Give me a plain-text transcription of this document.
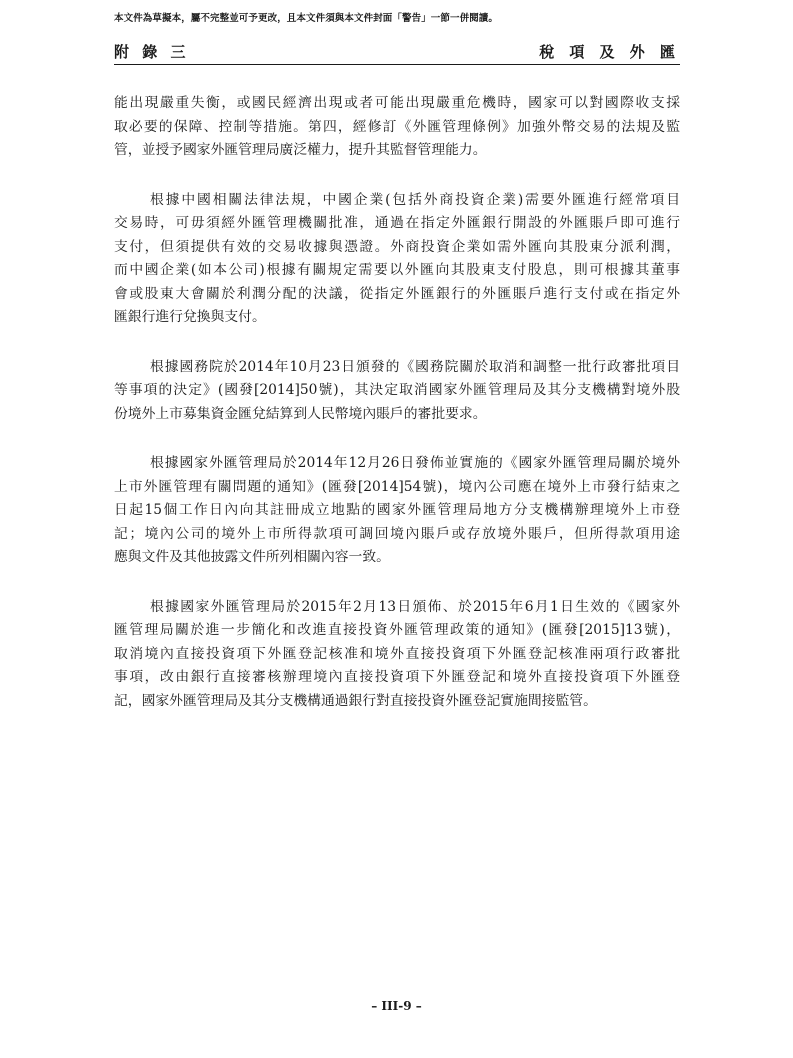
本文件為草擬本，屬不完整並可予更改，且本文件須與本文件封面「警告」一節一併閱讀。
附 錄 三	稅 項 及 外 匯
能出現嚴重失衡，或國民經濟出現或者可能出現嚴重危機時，國家可以對國際收支採
取必要的保障、控制等措施。第四，經修訂《外匯管理條例》加強外幣交易的法規及監
管，並授予國家外匯管理局廣泛權力，提升其監督管理能力。
根據中國相關法律法規，中國企業(包括外商投資企業)需要外匯進行經常項目
交易時，可毋須經外匯管理機關批准，通過在指定外匯銀行開設的外匯賬戶即可進行
支付，但須提供有效的交易收據與憑證。外商投資企業如需外匯向其股東分派利潤，
而中國企業(如本公司)根據有關規定需要以外匯向其股東支付股息，則可根據其董事
會或股東大會關於利潤分配的決議，從指定外匯銀行的外匯賬戶進行支付或在指定外
匯銀行進行兌換與支付。
根據國務院於2014年10月23日頒發的《國務院關於取消和調整一批行政審批項目
等事項的決定》(國發[2014]50號)，其決定取消國家外匯管理局及其分支機構對境外股
份境外上市募集資金匯兌結算到人民幣境內賬戶的審批要求。
根據國家外匯管理局於2014年12月26日發佈並實施的《國家外匯管理局關於境外
上市外匯管理有關問題的通知》(匯發[2014]54號)，境內公司應在境外上市發行結束之
日起15個工作日內向其註冊成立地點的國家外匯管理局地方分支機構辦理境外上市登
記；境內公司的境外上市所得款項可調回境內賬戶或存放境外賬戶，但所得款項用途
應與文件及其他披露文件所列相關內容一致。
根據國家外匯管理局於2015年2月13日頒佈、於2015年6月1日生效的《國家外
匯管理局關於進一步簡化和改進直接投資外匯管理政策的通知》(匯發[2015]13號)，
取消境內直接投資項下外匯登記核准和境外直接投資項下外匯登記核准兩項行政審批
事項，改由銀行直接審核辦理境內直接投資項下外匯登記和境外直接投資項下外匯登
記，國家外匯管理局及其分支機構通過銀行對直接投資外匯登記實施間接監管。
– III-9 –
